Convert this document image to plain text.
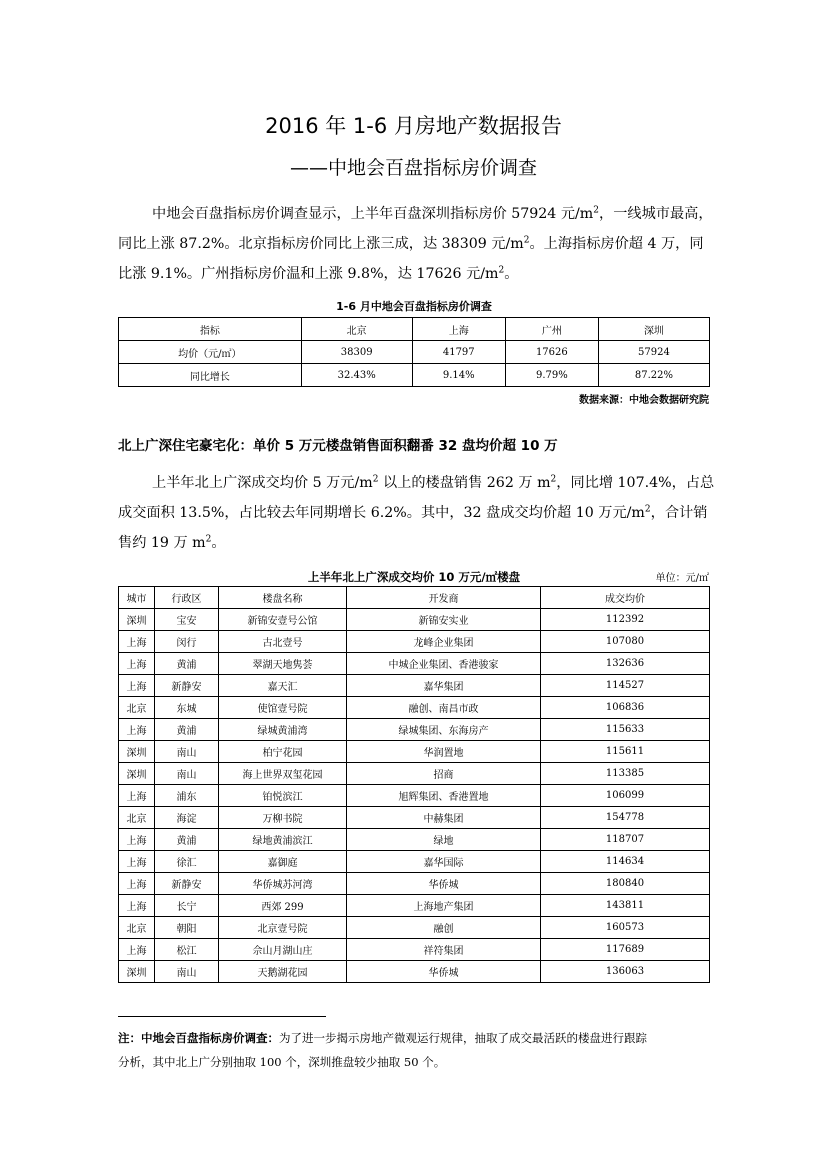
2016 年 1-6 月房地产数据报告
——中地会百盘指标房价调查
中地会百盘指标房价调查显示，上半年百盘深圳指标房价 57924 元$/m^2$，一线城市最高，
同比上涨 87.2%。北京指标房价同比上涨三成，达 38309 元$/m^2$。上海指标房价超 4 万，同
比涨 9.1%。广州指标房价温和上涨 9.8%，达 17626 元$/m^2$。
1-6 月中地会百盘指标房价调查
指标	北京	上海	广州	深圳
均价（元/㎡）	38309	41797	17626	57924
同比增长	32.43%	9.14%	9.79%	87.22%
数据来源：中地会数据研究院
北上广深住宅豪宅化：单价 5 万元楼盘销售面积翻番 32 盘均价超 10 万
上半年北上广深成交均价 5 万元$/m^2$ 以上的楼盘销售 262 万 $m^2$，同比增 107.4%，占总
成交面积 13.5%，占比较去年同期增长 6.2%。其中，32 盘成交均价超 10 万元$/m^2$，合计销
售约 19 万 $m^2$。
上半年北上广深成交均价 10 万元/㎡楼盘	单位：元/㎡
城市	行政区	楼盘名称	开发商	成交均价
深圳	宝安	新锦安壹号公馆	新锦安实业	112392
上海	闵行	古北壹号	龙峰企业集团	107080
上海	黄浦	翠湖天地隽荟	中城企业集团、香港骏家	132636
上海	新静安	嘉天汇	嘉华集团	114527
北京	东城	使馆壹号院	融创、南昌市政	106836
上海	黄浦	绿城黄浦湾	绿城集团、东海房产	115633
深圳	南山	柏宁花园	华润置地	115611
深圳	南山	海上世界双玺花园	招商	113385
上海	浦东	铂悦滨江	旭辉集团、香港置地	106099
北京	海淀	万柳书院	中赫集团	154778
上海	黄浦	绿地黄浦滨江	绿地	118707
上海	徐汇	嘉御庭	嘉华国际	114634
上海	新静安	华侨城苏河湾	华侨城	180840
上海	长宁	西郊 299	上海地产集团	143811
北京	朝阳	北京壹号院	融创	160573
上海	松江	佘山月湖山庄	祥符集团	117689
深圳	南山	天鹅湖花园	华侨城	136063
注：中地会百盘指标房价调查：为了进一步揭示房地产微观运行规律，抽取了成交最活跃的楼盘进行跟踪
分析，其中北上广分别抽取 100 个，深圳推盘较少抽取 50 个。
